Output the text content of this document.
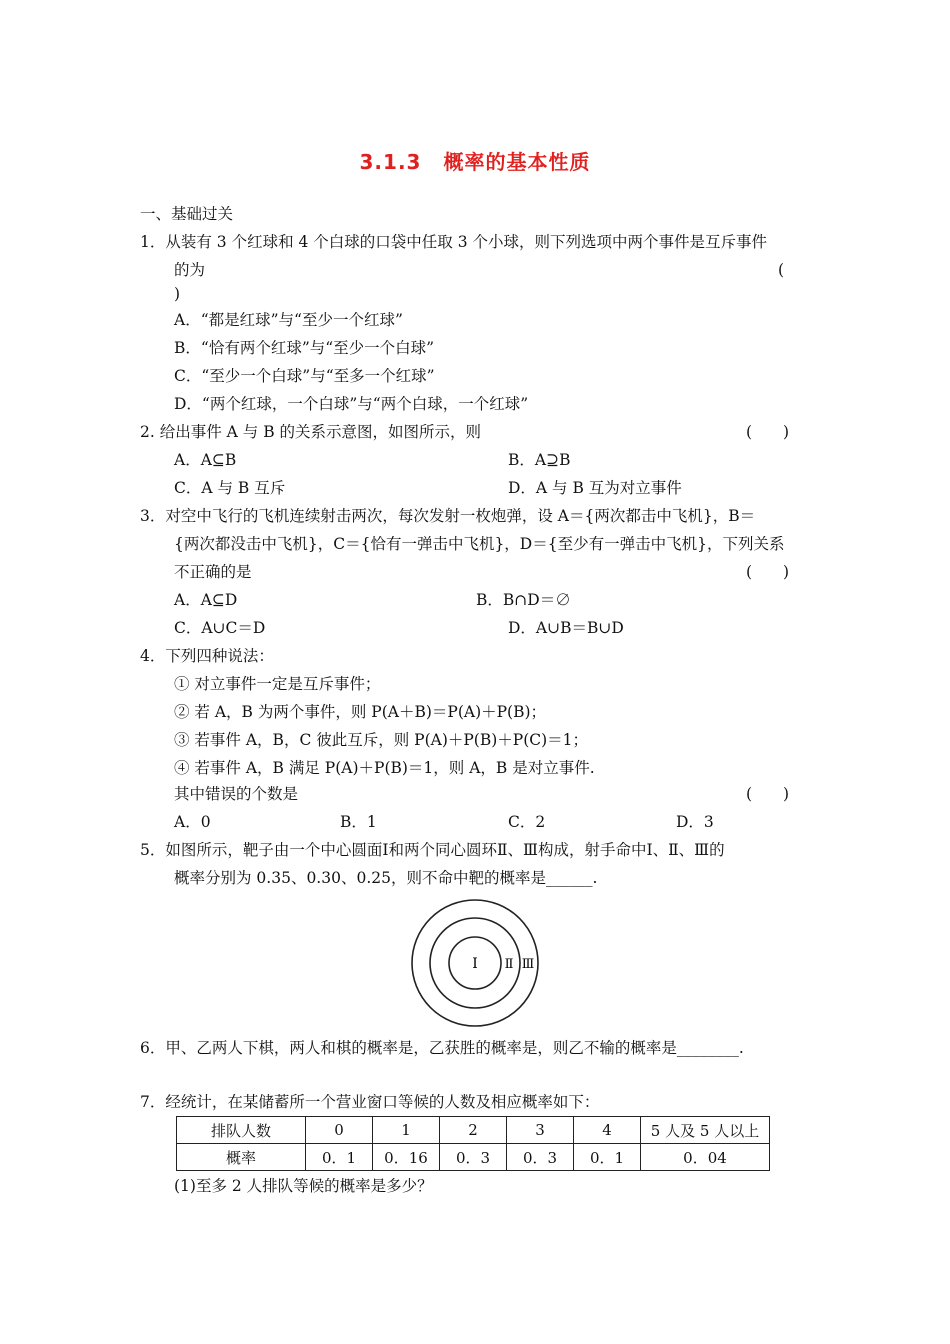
3.1.3 概率的基本性质
一、基础过关
1．从装有 3 个红球和 4 个白球的口袋中任取 3 个小球，则下列选项中两个事件是互斥事件
的为	(
)
A．“都是红球”与“至少一个红球”
B．“恰有两个红球”与“至少一个白球”
C．“至少一个白球”与“至多一个红球”
D．“两个红球，一个白球”与“两个白球，一个红球”
2. 给出事件 A 与 B 的关系示意图，如图所示，则	(　　)
A．A⊆B	B．A⊇B
C．A 与 B 互斥	D．A 与 B 互为对立事件
3．对空中飞行的飞机连续射击两次，每次发射一枚炮弹，设 A＝{两次都击中飞机}，B＝
{两次都没击中飞机}，C＝{恰有一弹击中飞机}，D＝{至少有一弹击中飞机}，下列关系
不正确的是	(　　)
A．A⊆D	B．B∩D＝∅
C．A∪C＝D	D．A∪B＝B∪D
4．下列四种说法：
① 对立事件一定是互斥事件；
② 若 A，B 为两个事件，则 P(A＋B)＝P(A)＋P(B)；
③ 若事件 A，B，C 彼此互斥，则 P(A)＋P(B)＋P(C)＝1；
④ 若事件 A，B 满足 P(A)＋P(B)＝1，则 A，B 是对立事件.
其中错误的个数是	(　　)
A．0	B．1	C．2	D．3
5．如图所示，靶子由一个中心圆面Ⅰ和两个同心圆环Ⅱ、Ⅲ构成，射手命中Ⅰ、Ⅱ、Ⅲ的
概率分别为 0.35、0.30、0.25，则不命中靶的概率是______.
Ⅰ Ⅱ Ⅲ
6．甲、乙两人下棋，两人和棋的概率是，乙获胜的概率是，则乙不输的概率是________.
7．经统计，在某储蓄所一个营业窗口等候的人数及相应概率如下：
排队人数	0	1	2	3	4	5 人及 5 人以上
概率	0．1	0．16	0．3	0．3	0．1	0．04
(1)至多 2 人排队等候的概率是多少？
